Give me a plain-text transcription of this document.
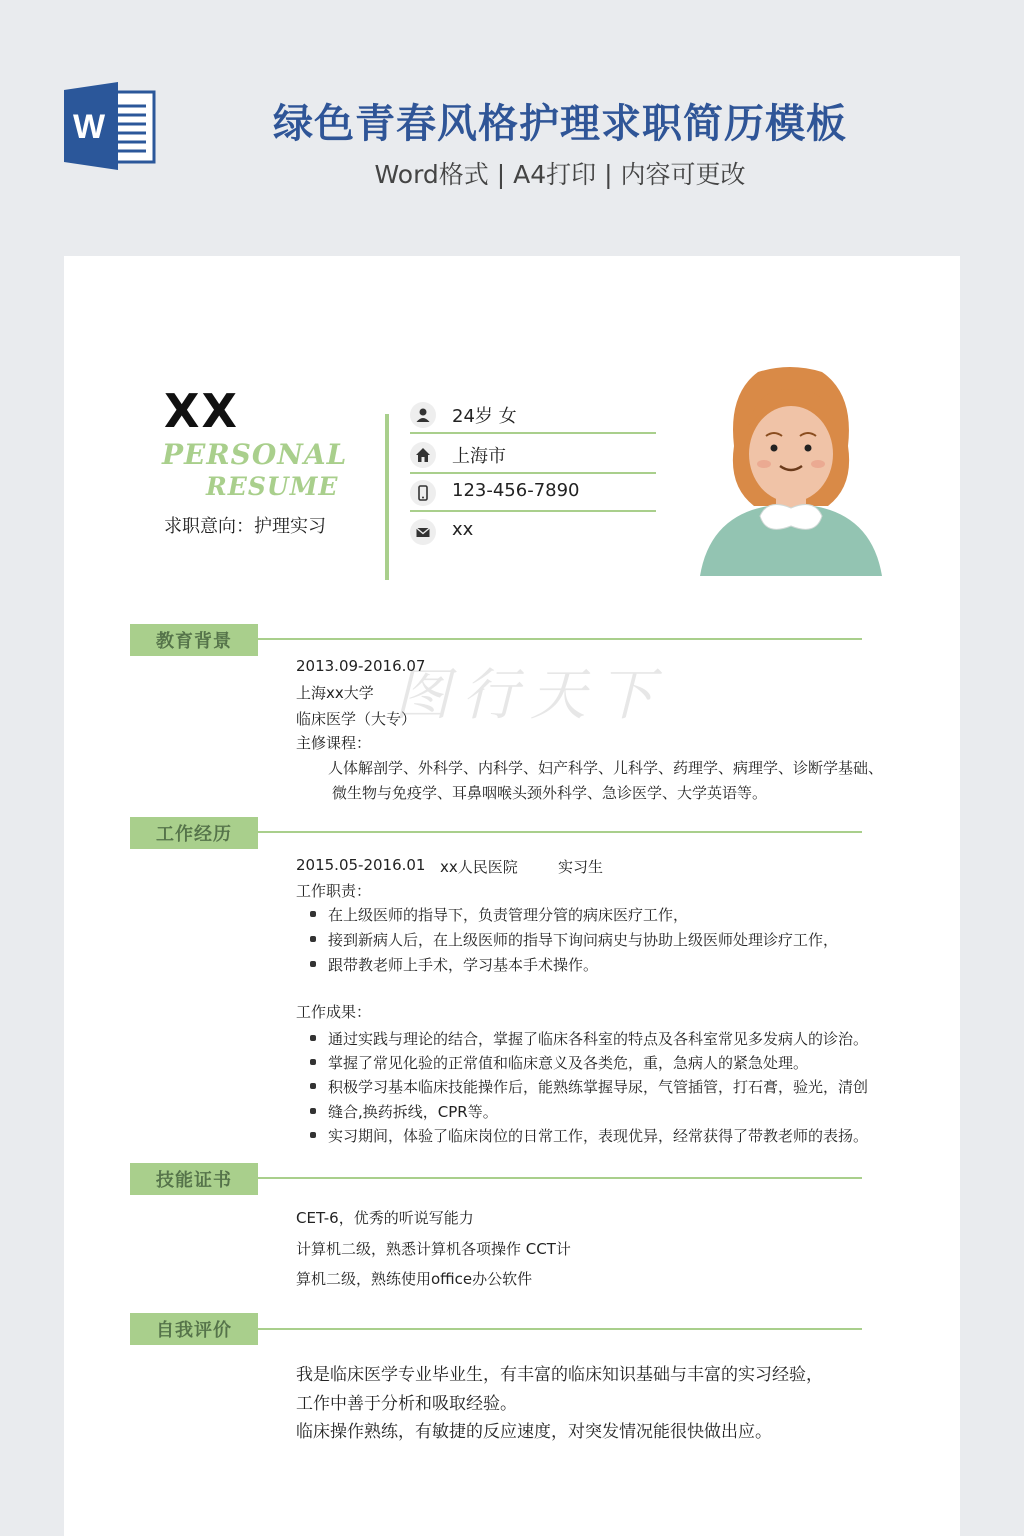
W	绿色青春风格护理求职简历模板
Word格式 | A4打印 | 内容可更改
图行天下
XX
PERSONAL
RESUME
求职意向：护理实习
24岁 女
上海市
123-456-7890
xx
教育背景
2013.09-2016.07
上海xx大学
临床医学（大专）
主修课程：
人体解剖学、外科学、内科学、妇产科学、儿科学、药理学、病理学、诊断学基础、
微生物与免疫学、耳鼻咽喉头颈外科学、急诊医学、大学英语等。
工作经历
2015.05-2016.01 xx人民医院	实习生
工作职责：
在上级医师的指导下，负责管理分管的病床医疗工作，
接到新病人后，在上级医师的指导下询问病史与协助上级医师处理诊疗工作，
跟带教老师上手术，学习基本手术操作。
工作成果：
通过实践与理论的结合，掌握了临床各科室的特点及各科室常见多发病人的诊治。
掌握了常见化验的正常值和临床意义及各类危，重，急病人的紧急处理。
积极学习基本临床技能操作后，能熟练掌握导尿，气管插管，打石膏，验光，清创
缝合,换药拆线，CPR等。
实习期间，体验了临床岗位的日常工作，表现优异，经常获得了带教老师的表扬。
技能证书
CET-6，优秀的听说写能力
计算机二级，熟悉计算机各项操作 CCT计
算机二级，熟练使用office办公软件
自我评价
我是临床医学专业毕业生，有丰富的临床知识基础与丰富的实习经验，
工作中善于分析和吸取经验。
临床操作熟练，有敏捷的反应速度，对突发情况能很快做出应。
